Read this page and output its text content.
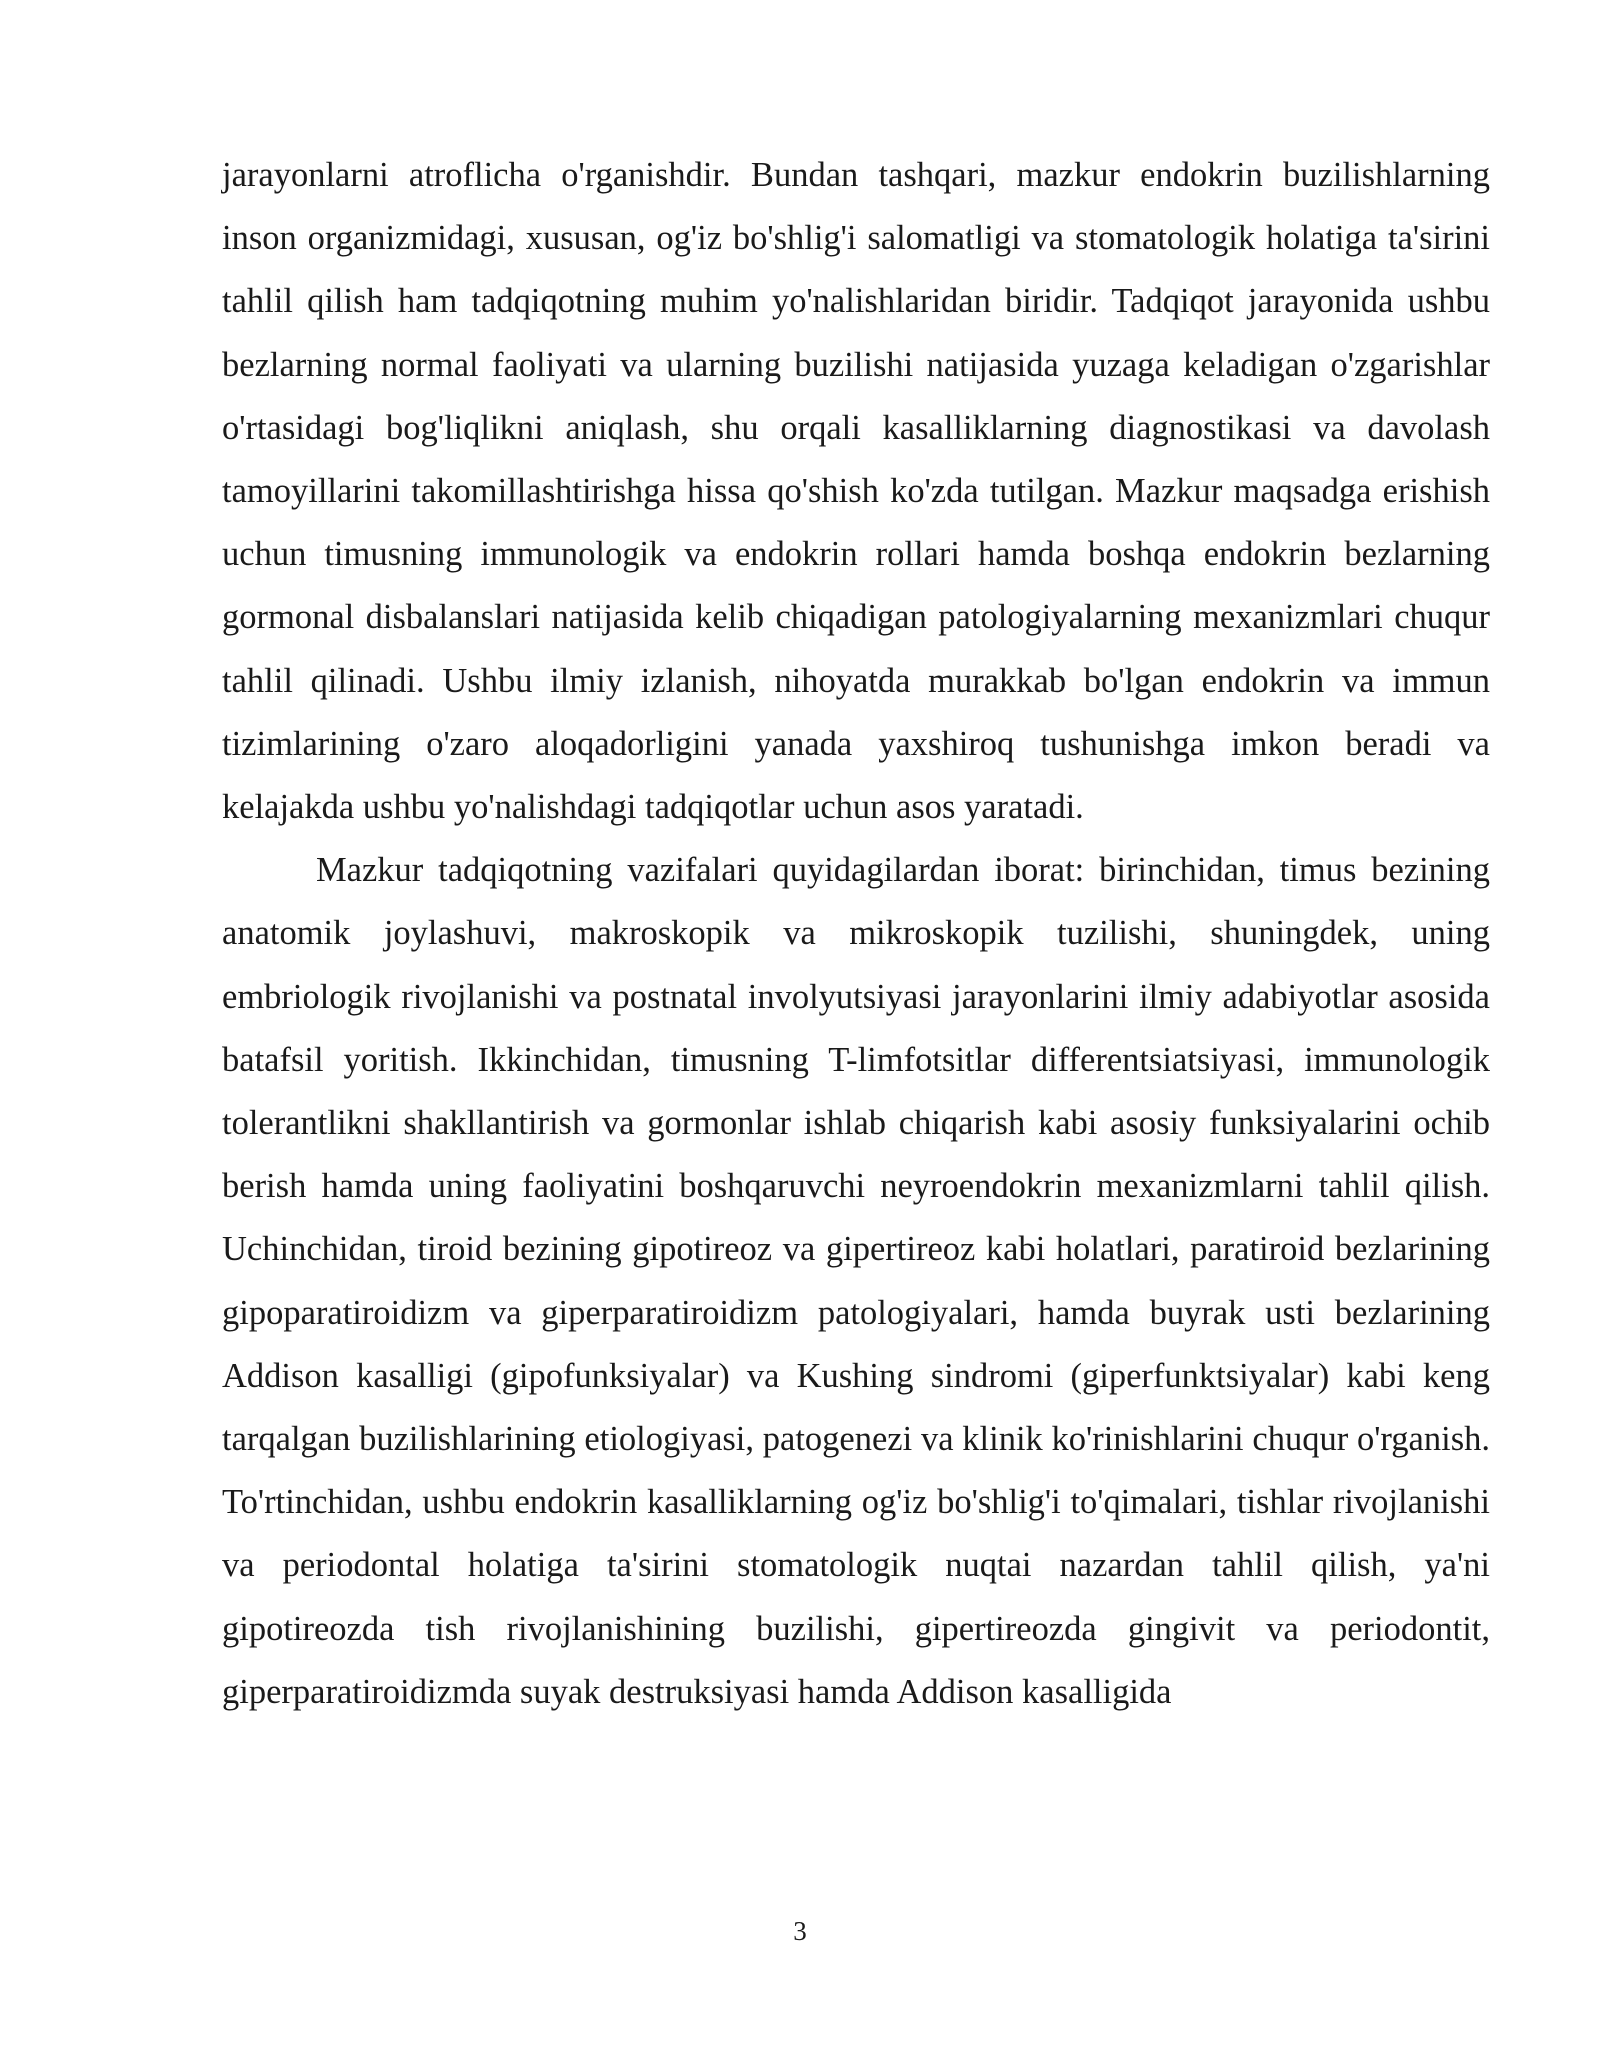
jarayonlarni atroflicha o'rganishdir. Bundan tashqari, mazkur endokrin buzilishlarning inson organizmidagi, xususan, og'iz bo'shlig'i salomatligi va stomatologik holatiga ta'sirini tahlil qilish ham tadqiqotning muhim yo'nalishlaridan biridir. Tadqiqot jarayonida ushbu bezlarning normal faoliyati va ularning buzilishi natijasida yuzaga keladigan o'zgarishlar o'rtasidagi bog'liqlikni aniqlash, shu orqali kasalliklarning diagnostikasi va davolash tamoyillarini takomillashtirishga hissa qo'shish ko'zda tutilgan. Mazkur maqsadga erishish uchun timusning immunologik va endokrin rollari hamda boshqa endokrin bezlarning gormonal disbalanslari natijasida kelib chiqadigan patologiyalarning mexanizmlari chuqur tahlil qilinadi. Ushbu ilmiy izlanish, nihoyatda murakkab bo'lgan endokrin va immun tizimlarining o'zaro aloqadorligini yanada yaxshiroq tushunishga imkon beradi va kelajakda ushbu yo'nalishdagi tadqiqotlar uchun asos yaratadi.

Mazkur tadqiqotning vazifalari quyidagilardan iborat: birinchidan, timus bezining anatomik joylashuvi, makroskopik va mikroskopik tuzilishi, shuningdek, uning embriologik rivojlanishi va postnatal involyutsiyasi jarayonlarini ilmiy adabiyotlar asosida batafsil yoritish. Ikkinchidan, timusning T-limfotsitlar differentsiatsiyasi, immunologik tolerantlikni shakllantirish va gormonlar ishlab chiqarish kabi asosiy funksiyalarini ochib berish hamda uning faoliyatini boshqaruvchi neyroendokrin mexanizmlarni tahlil qilish. Uchinchidan, tiroid bezining gipotireoz va gipertireoz kabi holatlari, paratiroid bezlarining gipoparatiroidizm va giperparatiroidizm patologiyalari, hamda buyrak usti bezlarining Addison kasalligi (gipofunksiyalar) va Kushing sindromi (giperfunktsiyalar) kabi keng tarqalgan buzilishlarining etiologiyasi, patogenezi va klinik ko'rinishlarini chuqur o'rganish. To'rtinchidan, ushbu endokrin kasalliklarning og'iz bo'shlig'i to'qimalari, tishlar rivojlanishi va periodontal holatiga ta'sirini stomatologik nuqtai nazardan tahlil qilish, ya'ni gipotireozda tish rivojlanishining buzilishi, gipertireozda gingivit va periodontit, giperparatiroidizmda suyak destruksiyasi hamda Addison kasalligida

3
